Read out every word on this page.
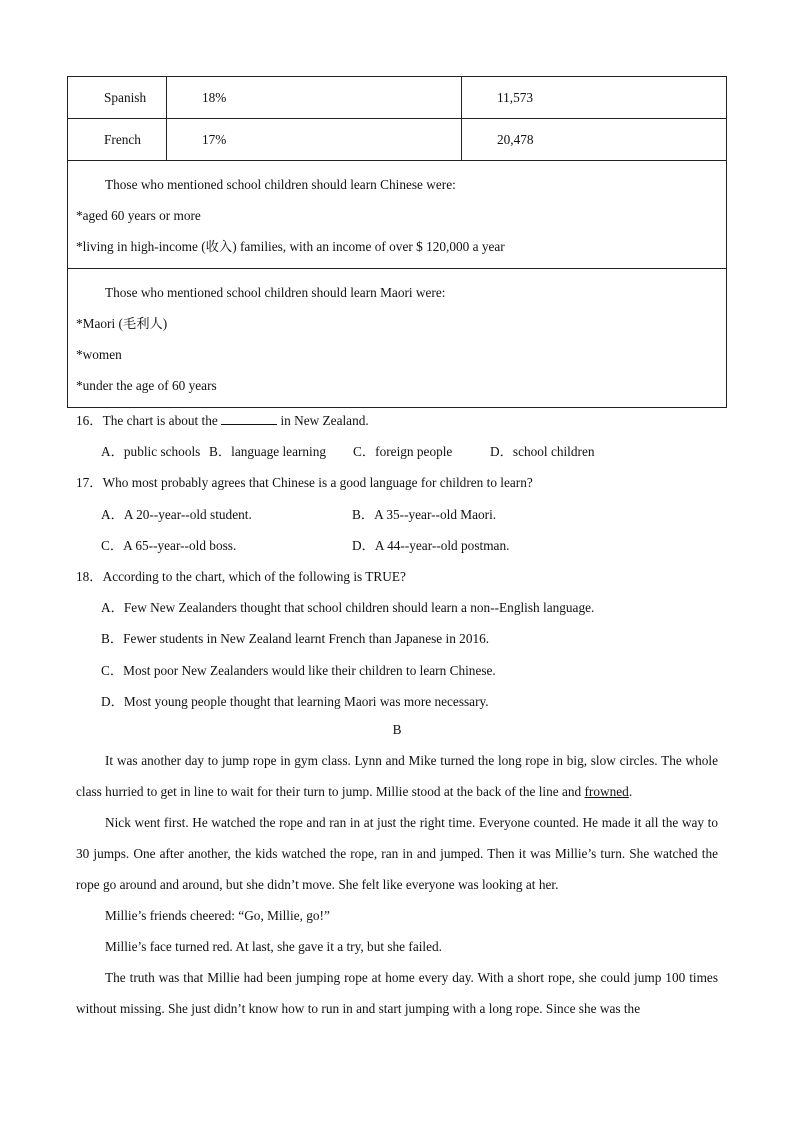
Spanish	18%	11,573
French	17%	20,478

Those who mentioned school children should learn Chinese were:

*aged 60 years or more

*living in high-income (收入) families, with an income of over $ 120,000 a year

Those who mentioned school children should learn Maori were:

*Maori (毛利人)

*women

*under the age of 60 years

16．The chart is about the	in New Zealand.
A．public schools B．language learning C．foreign people	D．school children
17．Who most probably agrees that Chinese is a good language for children to learn?
A．A 20--year--old student.	B．A 35--year--old Maori.
C．A 65--year--old boss.	D．A 44--year--old postman.
18．According to the chart, which of the following is TRUE?
A．Few New Zealanders thought that school children should learn a non--English language.
B．Fewer students in New Zealand learnt French than Japanese in 2016.
C．Most poor New Zealanders would like their children to learn Chinese.
D．Most young people thought that learning Maori was more necessary.
B

It was another day to jump rope in gym class. Lynn and Mike turned the long rope in big, slow circles. The whole class hurried to get in line to wait for their turn to jump. Millie stood at the back of the line and frowned.

Nick went first. He watched the rope and ran in at just the right time. Everyone counted. He made it all the way to 30 jumps. One after another, the kids watched the rope, ran in and jumped. Then it was Millie’s turn. She watched the rope go around and around, but she didn’t move. She felt like everyone was looking at her.

Millie’s friends cheered: “Go, Millie, go!”

Millie’s face turned red. At last, she gave it a try, but she failed.

The truth was that Millie had been jumping rope at home every day. With a short rope, she could jump 100 times without missing. She just didn’t know how to run in and start jumping with a long rope. Since she was the
